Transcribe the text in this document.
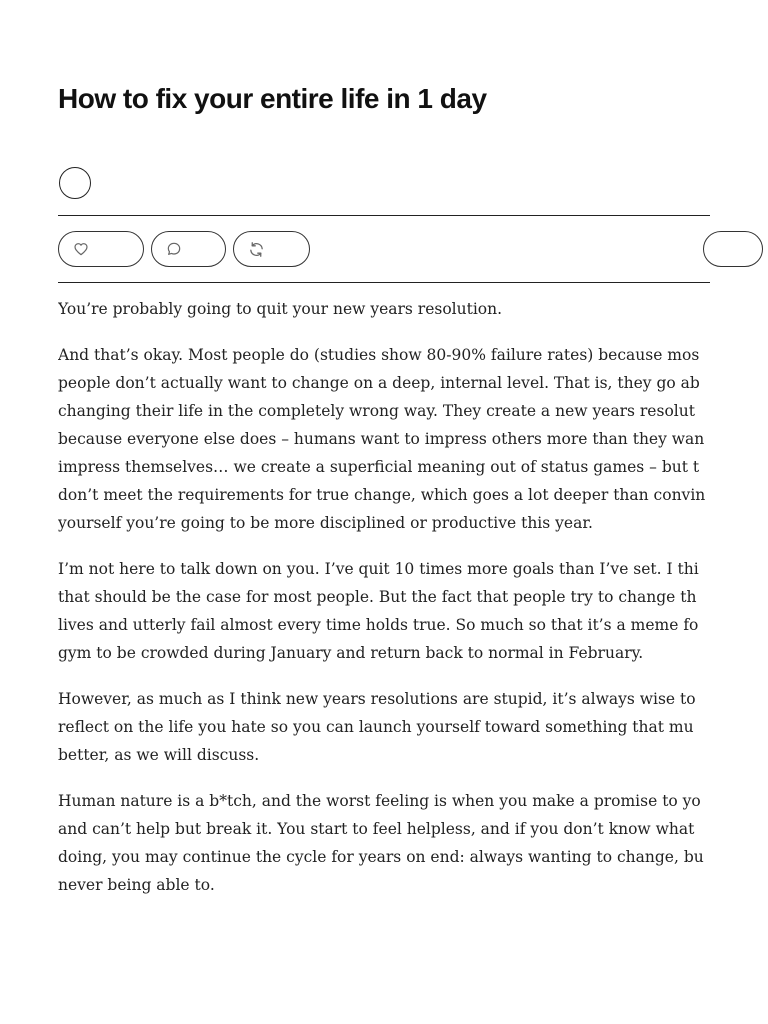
How to fix your entire life in 1 day

You’re probably going to quit your new years resolution.

And that’s okay. Most people do (studies show 80-90% failure rates) because mos
people don’t actually want to change on a deep, internal level. That is, they go ab
changing their life in the completely wrong way. They create a new years resolut
because everyone else does – humans want to impress others more than they wan
impress themselves… we create a superficial meaning out of status games – but t
don’t meet the requirements for true change, which goes a lot deeper than convin
yourself you’re going to be more disciplined or productive this year.

I’m not here to talk down on you. I’ve quit 10 times more goals than I’ve set. I thi
that should be the case for most people. But the fact that people try to change th
lives and utterly fail almost every time holds true. So much so that it’s a meme fo
gym to be crowded during January and return back to normal in February.

However, as much as I think new years resolutions are stupid, it’s always wise to
reflect on the life you hate so you can launch yourself toward something that mu
better, as we will discuss.

Human nature is a b*tch, and the worst feeling is when you make a promise to yo
and can’t help but break it. You start to feel helpless, and if you don’t know what
doing, you may continue the cycle for years on end: always wanting to change, bu
never being able to.
